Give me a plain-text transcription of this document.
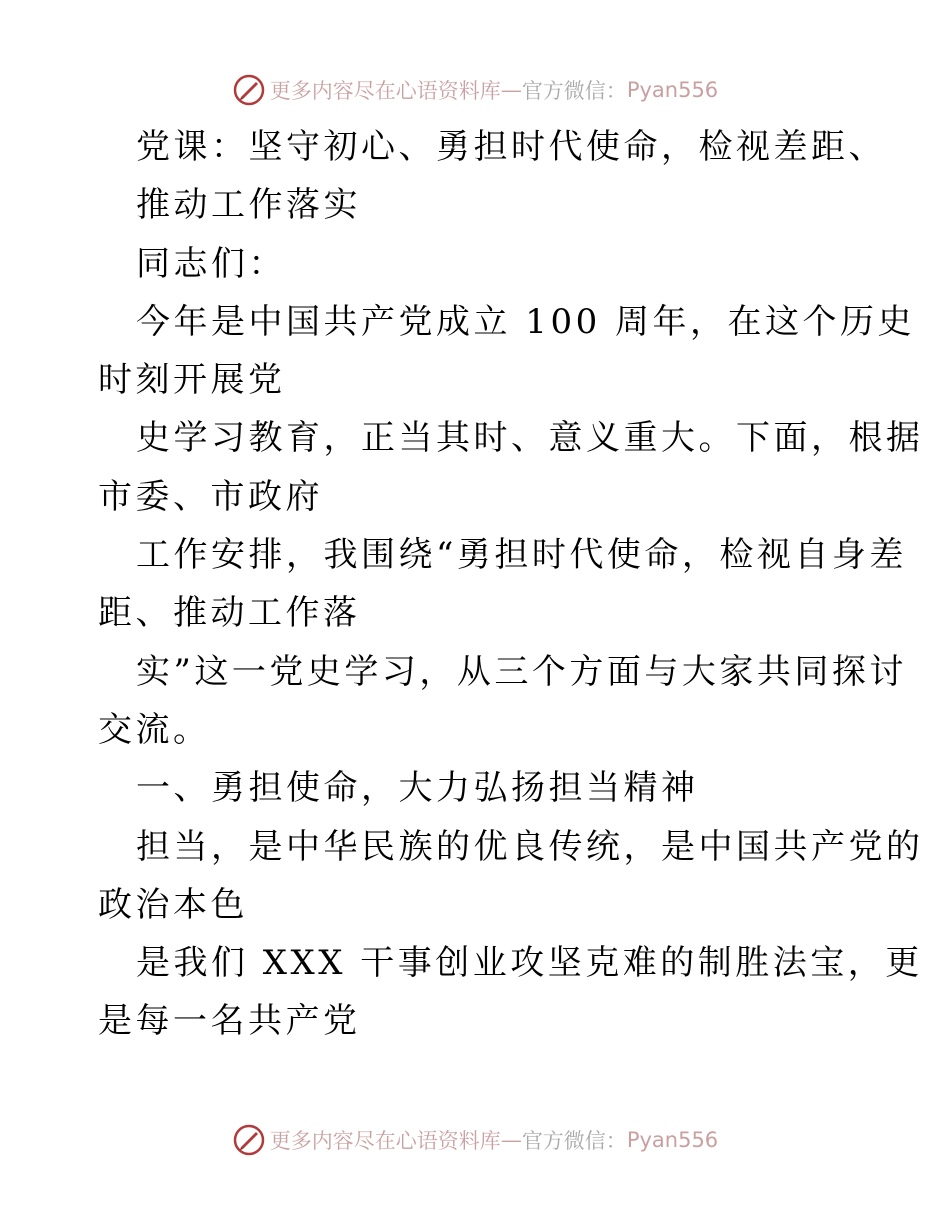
更多内容尽在心语资料库 — 官方微信： Pyan556
党课：坚守初心、勇担时代使命，检视差距、
推动工作落实
同志们：
今年是中国共产党成立 100 周年，在这个历史
时刻开展党
史学习教育，正当其时、意义重大。下面，根据
市委、市政府
工作安排，我围绕“勇担时代使命，检视自身差
距、推动工作落
实”这一党史学习，从三个方面与大家共同探讨
交流。
一、勇担使命，大力弘扬担当精神
担当，是中华民族的优良传统，是中国共产党的
政治本色
是我们 XXX 干事创业攻坚克难的制胜法宝，更
是每一名共产党
更多内容尽在心语资料库 — 官方微信： Pyan556
